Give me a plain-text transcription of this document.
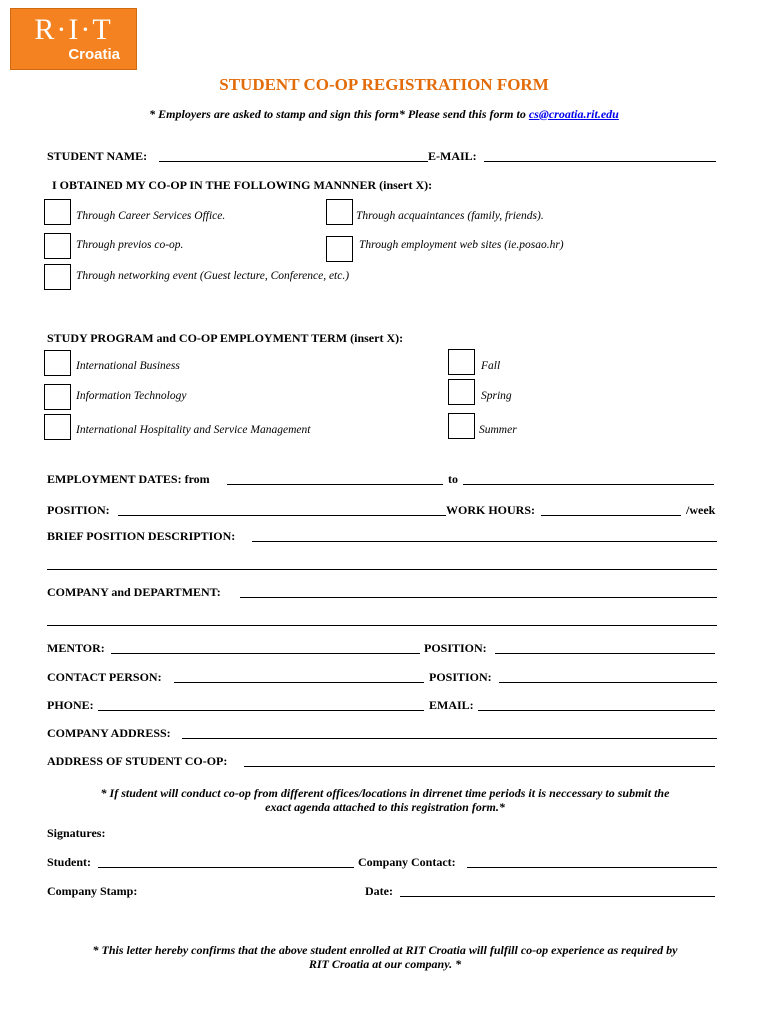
R·I·T
Croatia
STUDENT CO-OP REGISTRATION FORM
* Employers are asked to stamp and sign this form* Please send this form to cs@croatia.rit.edu
STUDENT NAME:	E-MAIL:
I OBTAINED MY CO-OP IN THE FOLLOWING MANNNER (insert X):
Through Career Services Office.	Through acquaintances (family, friends).
Through previos co-op.	Through employment web sites (ie.posao.hr)
Through networking event (Guest lecture, Conference, etc.)
STUDY PROGRAM and CO-OP EMPLOYMENT TERM (insert X):
International Business	Fall
Information Technology	Spring
International Hospitality and Service Management	Summer
EMPLOYMENT DATES: from	to
POSITION:	WORK HOURS:	/week
BRIEF POSITION DESCRIPTION:
COMPANY and DEPARTMENT:
MENTOR:	POSITION:
CONTACT PERSON:	POSITION:
PHONE:	EMAIL:
COMPANY ADDRESS:
ADDRESS OF STUDENT CO-OP:
* If student will conduct co-op from different offices/locations in dirrenet time periods it is neccessary to submit the
exact agenda attached to this registration form.*
Signatures:
Student:	Company Contact:
Company Stamp:	Date:
* This letter hereby confirms that the above student enrolled at RIT Croatia will fulfill co-op experience as required by
RIT Croatia at our company. *
